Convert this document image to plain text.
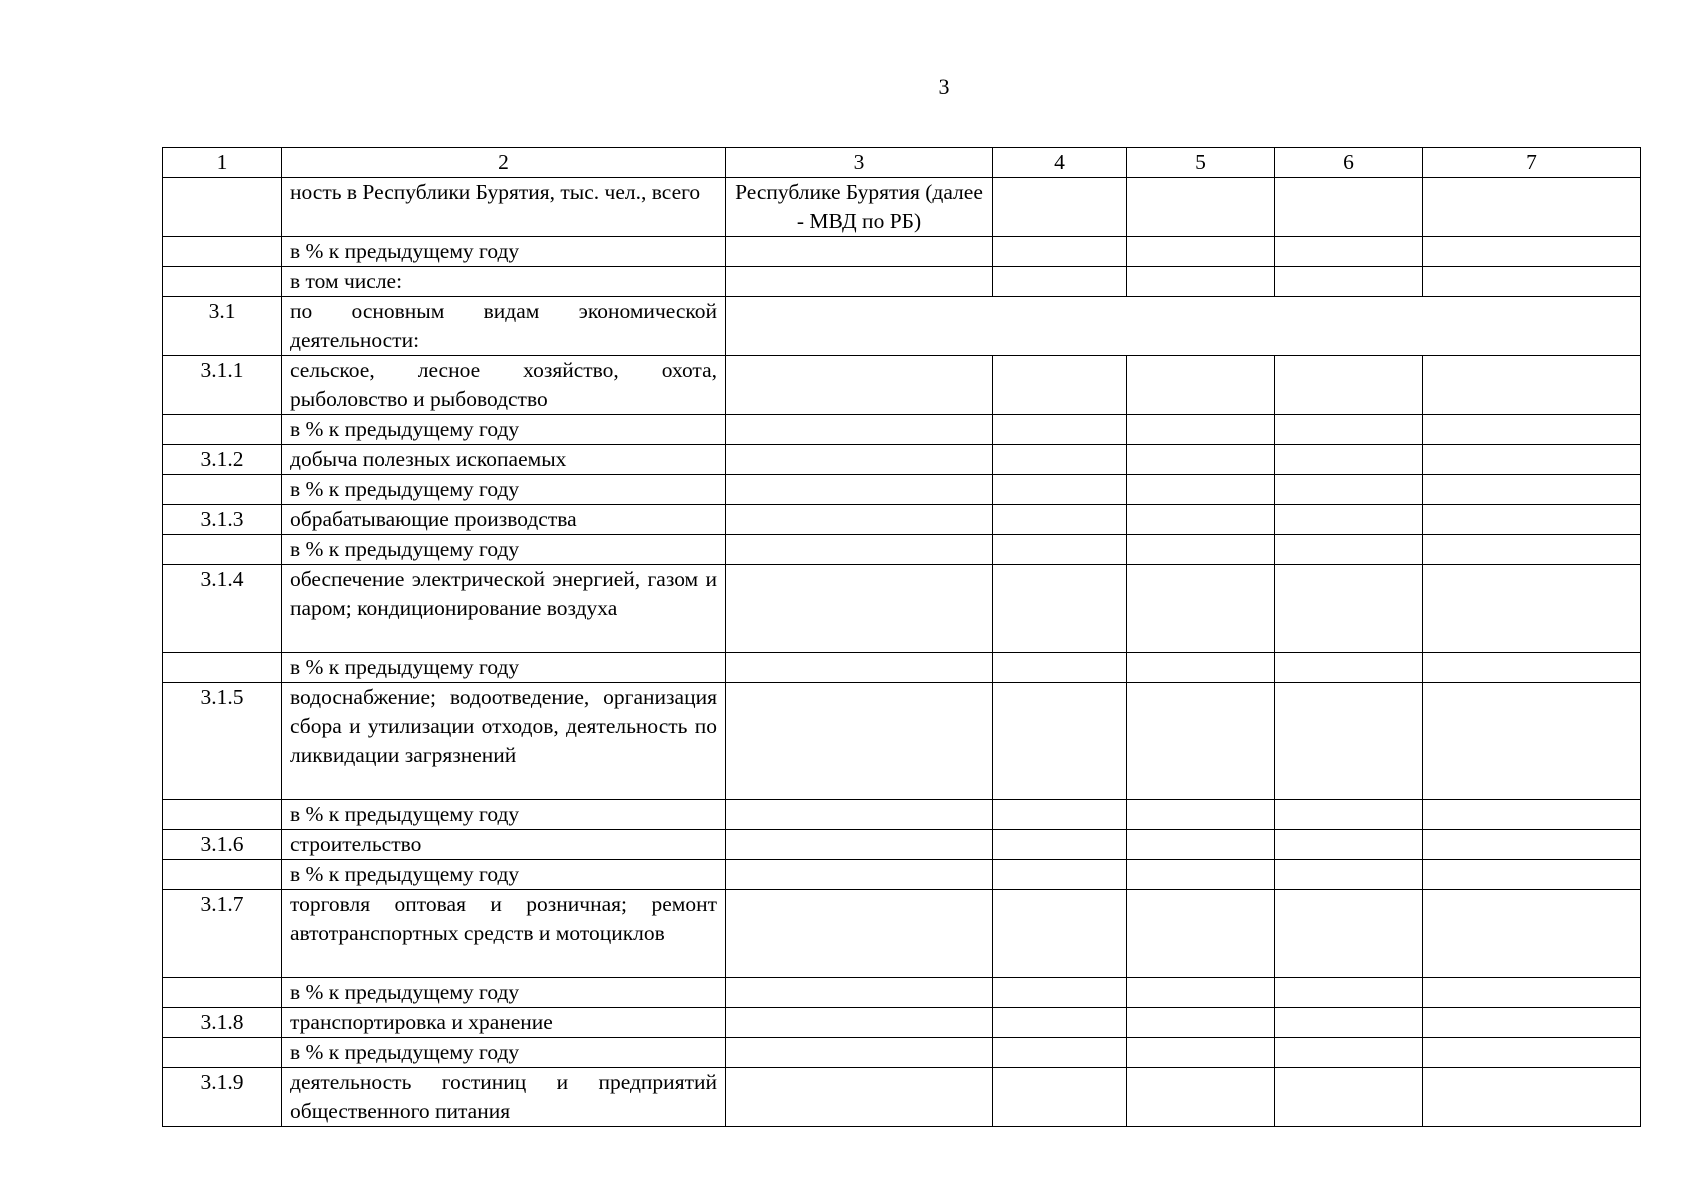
3
1	2	3	4	5	6	7
	ность в Республики Бурятия, тыс. чел., всего	Республике Бурятия (далее - МВД по РБ)				
	в % к предыдущему году					
	в том числе:					
3.1	по основным видам экономической деятельности:					
3.1.1	сельское, лесное хозяйство, охота, рыболовство и рыбоводство					
	в % к предыдущему году					
3.1.2	добыча полезных ископаемых					
	в % к предыдущему году					
3.1.3	обрабатывающие производства					
	в % к предыдущему году					
3.1.4	обеспечение электрической энергией, газом и паром; кондиционирование воздуха					
	в % к предыдущему году					
3.1.5	водоснабжение; водоотведение, организация сбора и утилизации отходов, деятельность по ликвидации загрязнений					
	в % к предыдущему году					
3.1.6	строительство					
	в % к предыдущему году					
3.1.7	торговля оптовая и розничная; ремонт автотранспортных средств и мотоциклов					
	в % к предыдущему году					
3.1.8	транспортировка и хранение					
	в % к предыдущему году					
3.1.9	деятельность гостиниц и предприятий общественного питания					
